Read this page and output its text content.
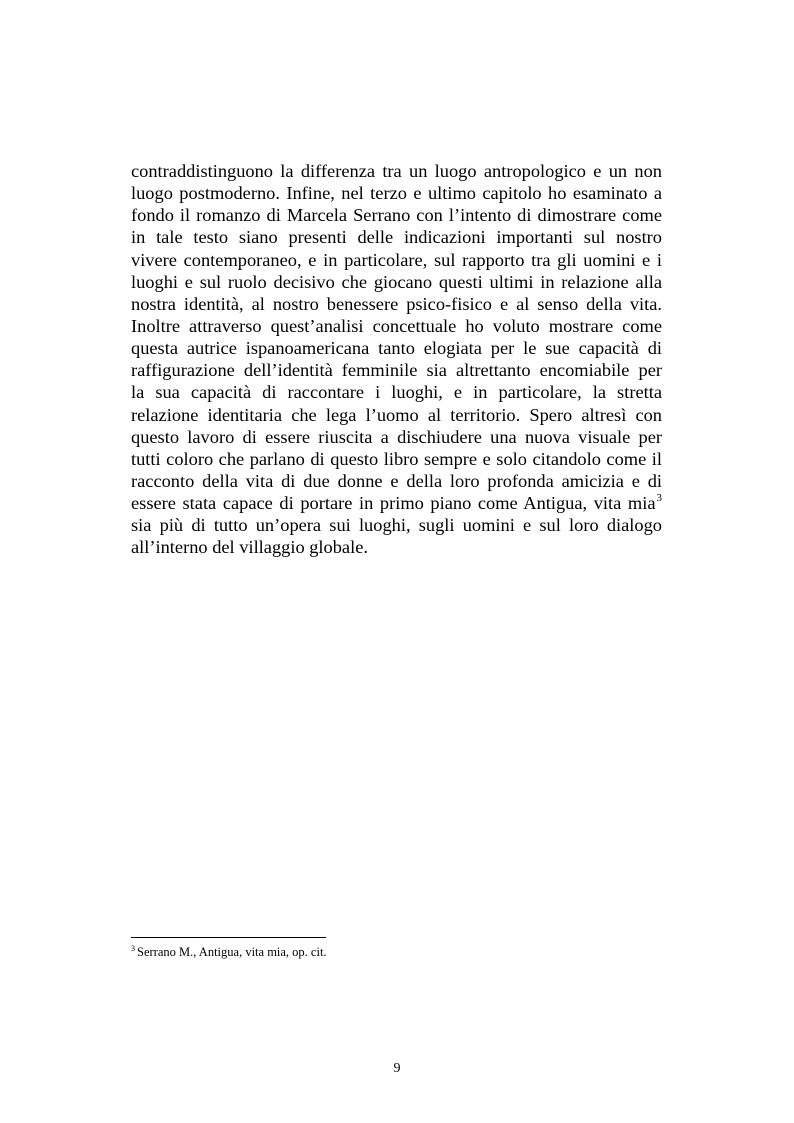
contraddistinguono la differenza tra un luogo antropologico e un non
luogo postmoderno. Infine, nel terzo e ultimo capitolo ho esaminato a
fondo il romanzo di Marcela Serrano con l’intento di dimostrare come
in tale testo siano presenti delle indicazioni importanti sul nostro
vivere contemporaneo, e in particolare, sul rapporto tra gli uomini e i
luoghi e sul ruolo decisivo che giocano questi ultimi in relazione alla
nostra identità, al nostro benessere psico-fisico e al senso della vita.
Inoltre attraverso quest’analisi concettuale ho voluto mostrare come
questa autrice ispanoamericana tanto elogiata per le sue capacità di
raffigurazione dell’identità femminile sia altrettanto encomiabile per
la sua capacità di raccontare i luoghi, e in particolare, la stretta
relazione identitaria che lega l’uomo al territorio. Spero altresì con
questo lavoro di essere riuscita a dischiudere una nuova visuale per
tutti coloro che parlano di questo libro sempre e solo citandolo come il
racconto della vita di due donne e della loro profonda amicizia e di
essere stata capace di portare in primo piano come Antigua, vita mia$^3$
sia più di tutto un’opera sui luoghi, sugli uomini e sul loro dialogo
all’interno del villaggio globale.
$^3$ Serrano M., Antigua, vita mia, op. cit.
9
